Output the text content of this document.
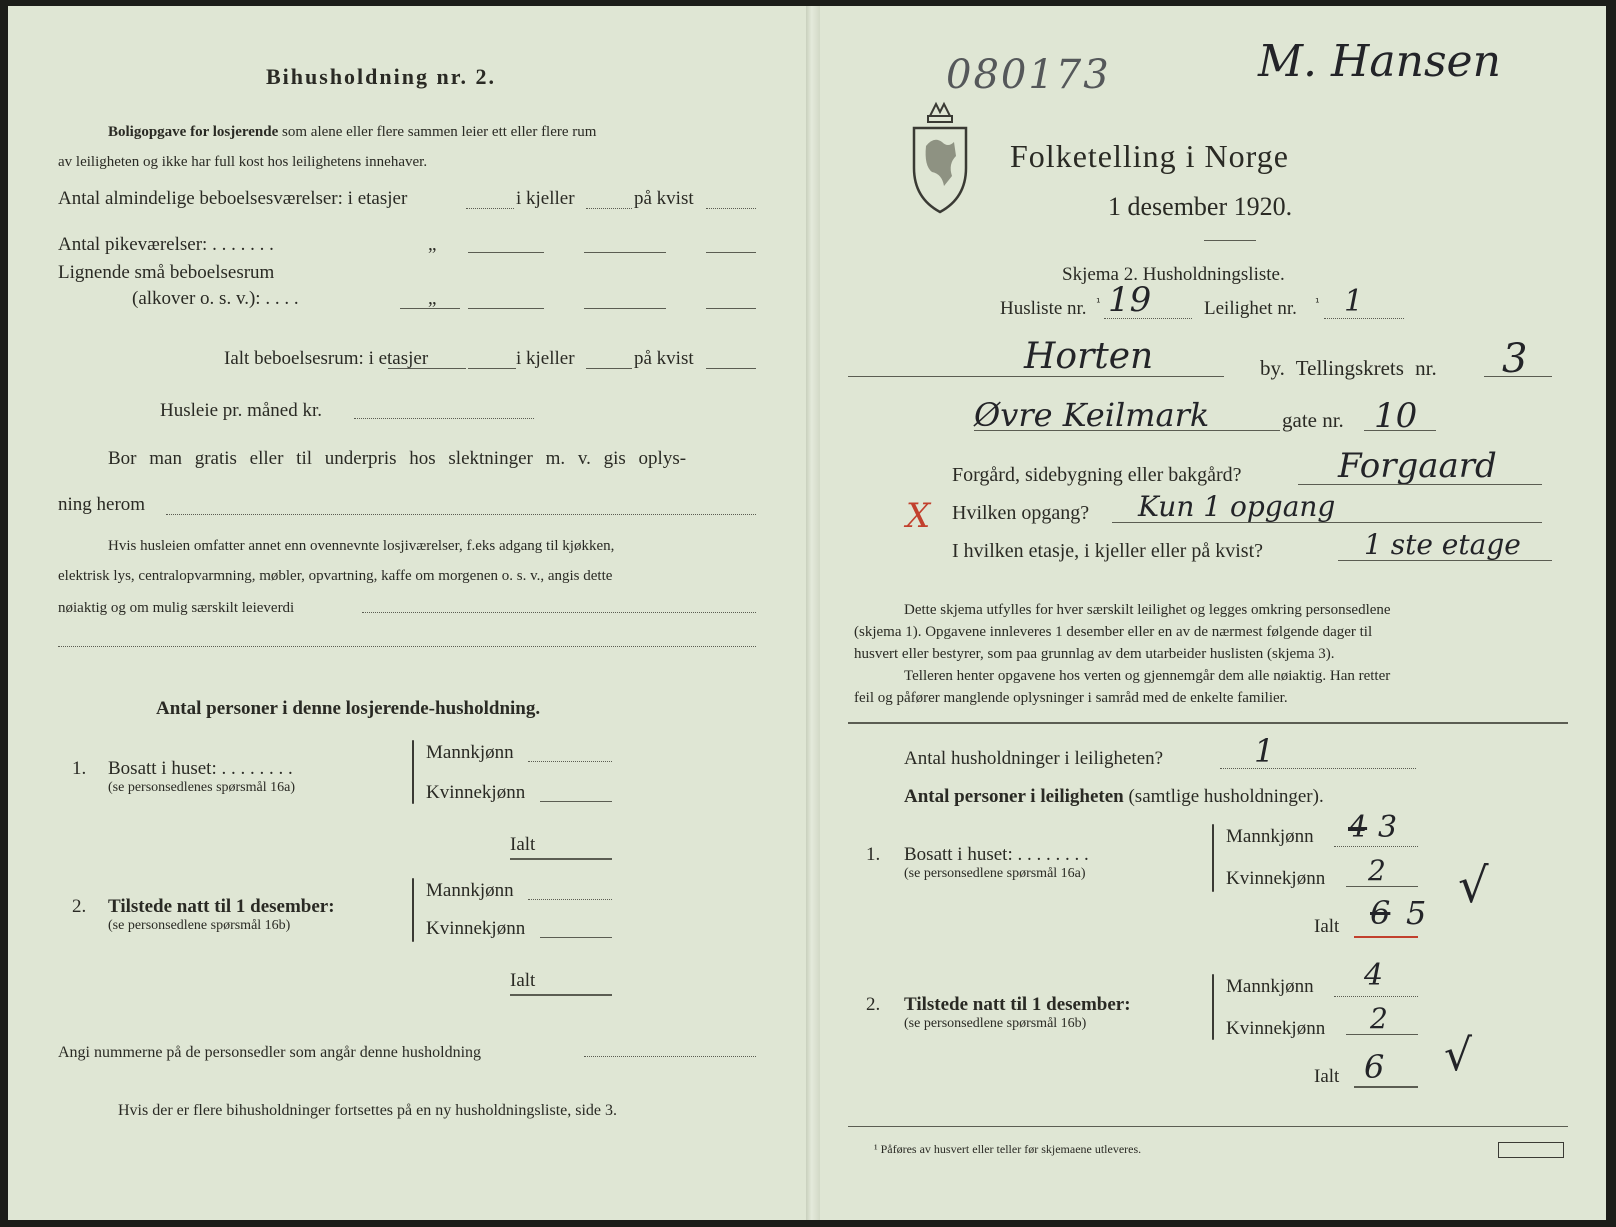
Bihusholdning nr. 2.
Boligopgave for losjerende som alene eller flere sammen leier ett eller flere rum
av leiligheten og ikke har full kost hos leilighetens innehaver.
Antal almindelige beboelsesværelser: i etasjer	i kjeller	på kvist
Antal pikeværelser: . . . . . . .	„
Lignende små beboelsesrum
(alkover o. s. v.): . . . .	„
Ialt beboelsesrum: i etasjer	i kjeller	på kvist
Husleie pr. måned kr.
Bor man gratis eller til underpris hos slektninger m. v. gis oplys-
ning herom
Hvis husleien omfatter annet enn ovennevnte losjiværelser, f.eks adgang til kjøkken,
elektrisk lys, centralopvarmning, møbler, opvartning, kaffe om morgenen o. s. v., angis dette
nøiaktig og om mulig særskilt leieverdi
Antal personer i denne losjerende-husholdning.
1. Bosatt i huset: . . . . . . . .
(se personsedlenes spørsmål 16a)
Mannkjønn
Kvinnekjønn
Ialt
2. Tilstede natt til 1 desember:
(se personsedlene spørsmål 16b)
Mannkjønn
Kvinnekjønn
Ialt
Angi nummerne på de personsedler som angår denne husholdning
Hvis der er flere bihusholdninger fortsettes på en ny husholdningsliste, side 3.
080173	M. Hansen
Folketelling i Norge
1 desember 1920.
Skjema 2. Husholdningsliste.
Husliste nr. ¹ 19	Leilighet nr. ¹ 1
Horten	by. Tellingskrets nr. 3
Øvre Keilmark	gate nr. 10
Forgård, sidebygning eller bakgård?	Forgaard
X Hvilken opgang? Kun 1 opgang
I hvilken etasje, i kjeller eller på kvist?	1 ste etage
Dette skjema utfylles for hver særskilt leilighet og legges omkring personsedlene
(skjema 1). Opgavene innleveres 1 desember eller en av de nærmest følgende dager til
husvert eller bestyrer, som paa grunnlag av dem utarbeider huslisten (skjema 3).
Telleren henter opgavene hos verten og gjennemgår dem alle nøiaktig. Han retter
feil og påfører manglende oplysninger i samråd med de enkelte familier.
Antal husholdninger i leiligheten?	1
Antal personer i leiligheten (samtlige husholdninger).
1. Bosatt i huset: . . . . . . . .
(se personsedlene spørsmål 16a)
Mannkjønn 4 3
Kvinnekjønn 2
Ialt 6 5 √
2. Tilstede natt til 1 desember:
(se personsedlene spørsmål 16b)
Mannkjønn 4
Kvinnekjønn 2
Ialt 6 √
¹ Påføres av husvert eller teller før skjemaene utleveres.
